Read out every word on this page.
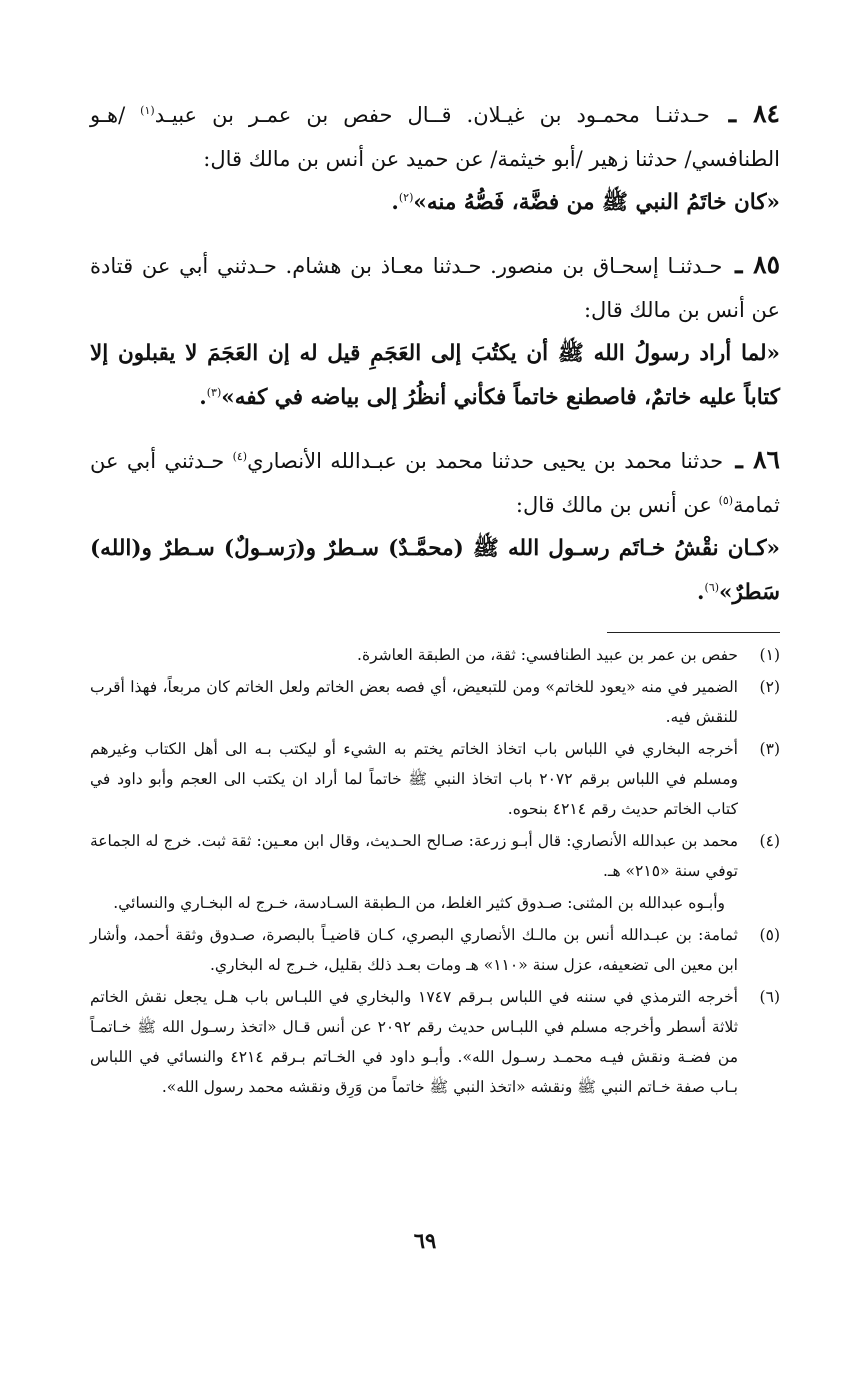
٨٤ ـ حـدثنـا محمـود بن غيـلان. قــال حفص بن عمـر بن عبيـد$^{(١)}$ /هـو الطنافسي/ حدثنا زهير /أبو خيثمة/ عن حميد عن أنس بن مالك قال:

«كان خاتَمُ النبي ﷺ من فضَّة، فَصُّهُ منه»$^{(٢)}$.

٨٥ ـ حـدثنـا إسحـاق بن منصور. حـدثنا معـاذ بن هشام. حـدثني أبي عن قتادة عن أنس بن مالك قال:

«لما أراد رسولُ الله ﷺ أن يكتُبَ إلى العَجَمِ قيل له إن العَجَمَ لا يقبلون إلا كتاباً عليه خاتمٌ، فاصطنع خاتماً فكأني أنظُرُ إلى بياضه في كفه»$^{(٣)}$.

٨٦ ـ حدثنا محمد بن يحيى حدثنا محمد بن عبـدالله الأنصاري$^{(٤)}$ حـدثني أبي عن ثمامة$^{(٥)}$ عن أنس بن مالك قال:

«كـان نقْشُ خـاتَم رسـول الله ﷺ (محمَّـدٌ) سـطرٌ و(رَسـولٌ) سـطرٌ و(الله) سَطرٌ»$^{(٦)}$.

(١)
حفص بن عمر بن عبيد الطنافسي: ثقة، من الطبقة العاشرة.
(٢)
الضمير في منه «يعود للخاتم» ومن للتبعيض، أي فصه بعض الخاتم ولعل الخاتم كان مربعاً، فهذا أقرب للنقش فيه.
(٣)
أخرجه البخاري في اللباس باب اتخاذ الخاتم يختم به الشيء أو ليكتب بـه الى أهل الكتاب وغيرهم ومسلم في اللباس برقم ٢٠٧٢ باب اتخاذ النبي ﷺ خاتماً لما أراد ان يكتب الى العجم وأبو داود في كتاب الخاتم حديث رقم ٤٢١٤ بنحوه.
(٤)
محمد بن عبدالله الأنصاري: قال أبـو زرعة: صـالح الحـديث، وقال ابن معـين: ثقة ثبت. خرج له الجماعة توفي سنة «٢١٥» هـ.
وأبـوه عبدالله بن المثنى: صـدوق كثير الغلط، من الـطبقة السـادسة، خـرج له البخـاري والنسائي.
(٥)
ثمامة: بن عبـدالله أنس بن مالـك الأنصاري البصري، كـان قاضيـاً بالبصرة، صـدوق وثقة أحمد، وأشار ابن معين الى تضعيفه، عزل سنة «١١٠» هـ ومات بعـد ذلك بقليل، خـرج له البخاري.
(٦)
أخرجه الترمذي في سننه في اللباس بـرقم ١٧٤٧ والبخاري في اللبـاس باب هـل يجعل نقش الخاتم ثلاثة أسطر وأخرجه مسلم في اللبـاس حديث رقم ٢٠٩٢ عن أنس قـال «اتخذ رسـول الله ﷺ خـاتمـاً من فضـة ونقش فيـه محمـد رسـول الله». وأبـو داود في الخـاتم بـرقم ٤٢١٤ والنسائي في اللباس بـاب صفة خـاتم النبي ﷺ ونقشه «اتخذ النبي ﷺ خاتماً من وَرِق ونقشه محمد رسول الله».
٦٩
